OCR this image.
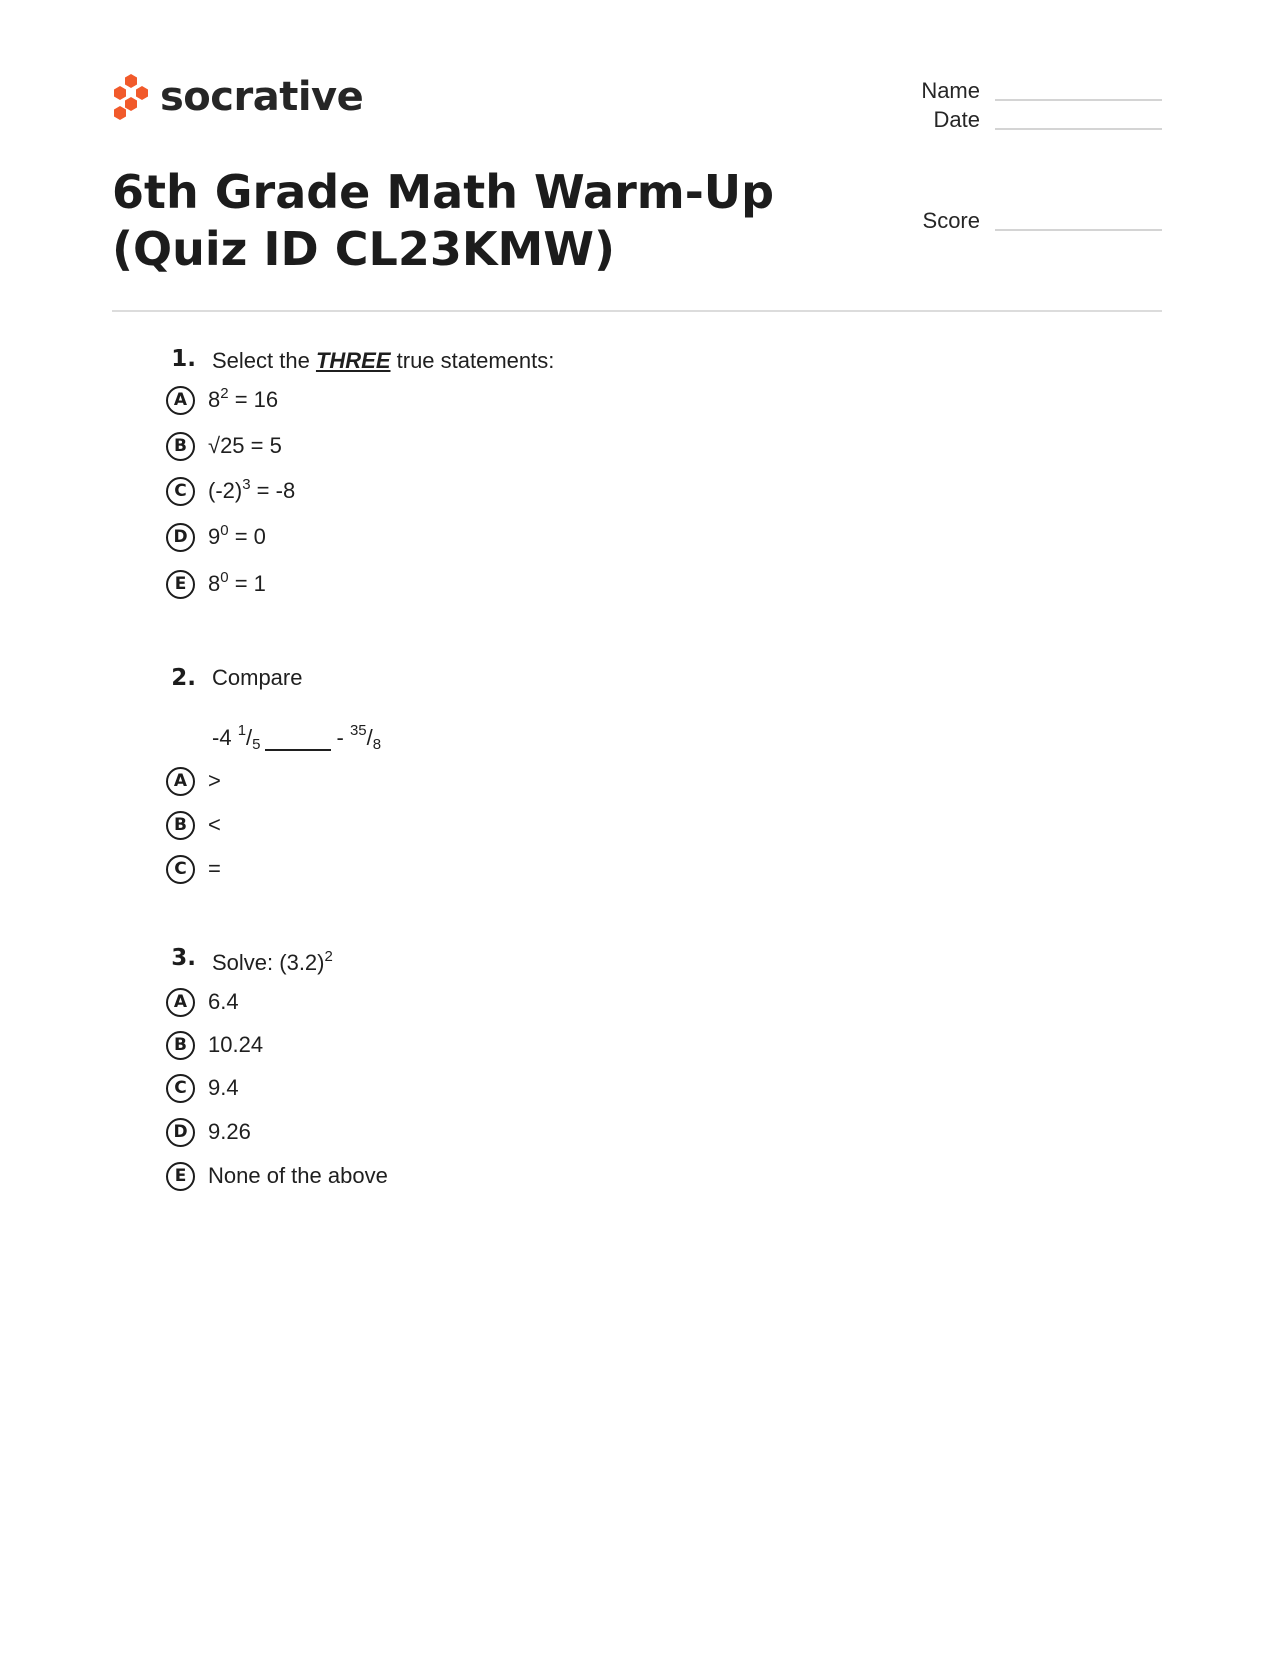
socrative	Name
Date
Score
6th Grade Math Warm-Up (Quiz ID CL23KMW)
1. Select the THREE true statements:
A $8^2 = 16$
B √25 = 5
C $(-2)^3 = -8$
D $9^0 = 0$
E $8^0 = 1$
2. Compare
-4 $^1/_5$	- $^{35}/_8$
A >
B <
C =
3. Solve: $(3.2)^2$
A 6.4
B 10.24
C 9.4
D 9.26
E None of the above
